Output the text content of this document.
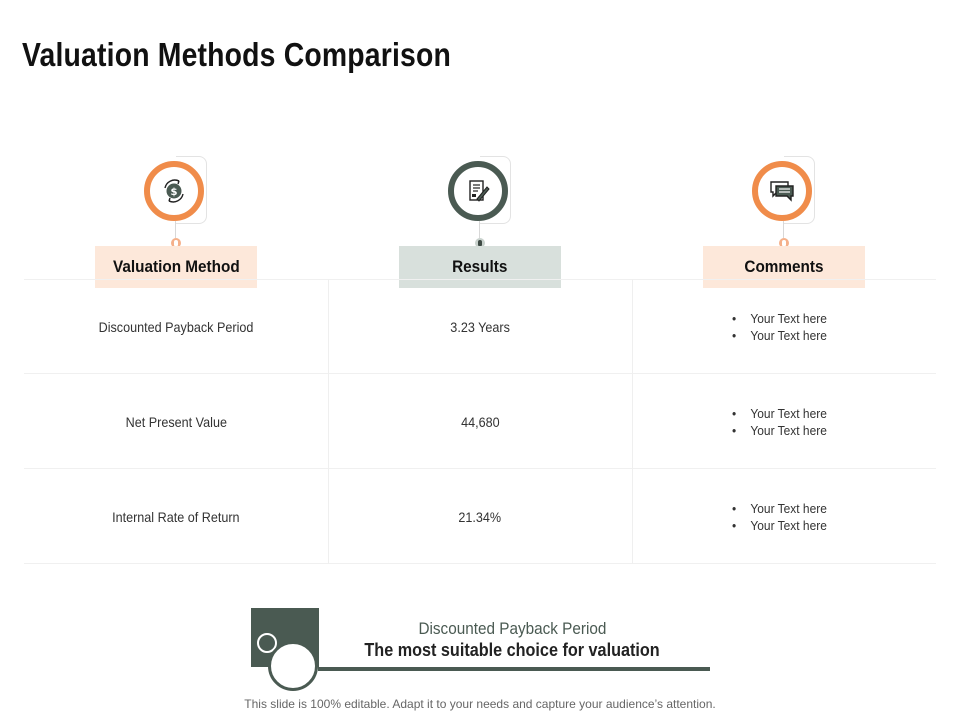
Valuation Methods Comparison
$
Valuation Method	Results	Comments
Discounted Payback Period	3.23 Years
• Your Text here
• Your Text here
Net Present Value	44,680
• Your Text here
• Your Text here
Internal Rate of Return	21.34%
• Your Text here
• Your Text here
Discounted Payback Period
The most suitable choice for valuation
This slide is 100% editable. Adapt it to your needs and capture your audience’s attention.
